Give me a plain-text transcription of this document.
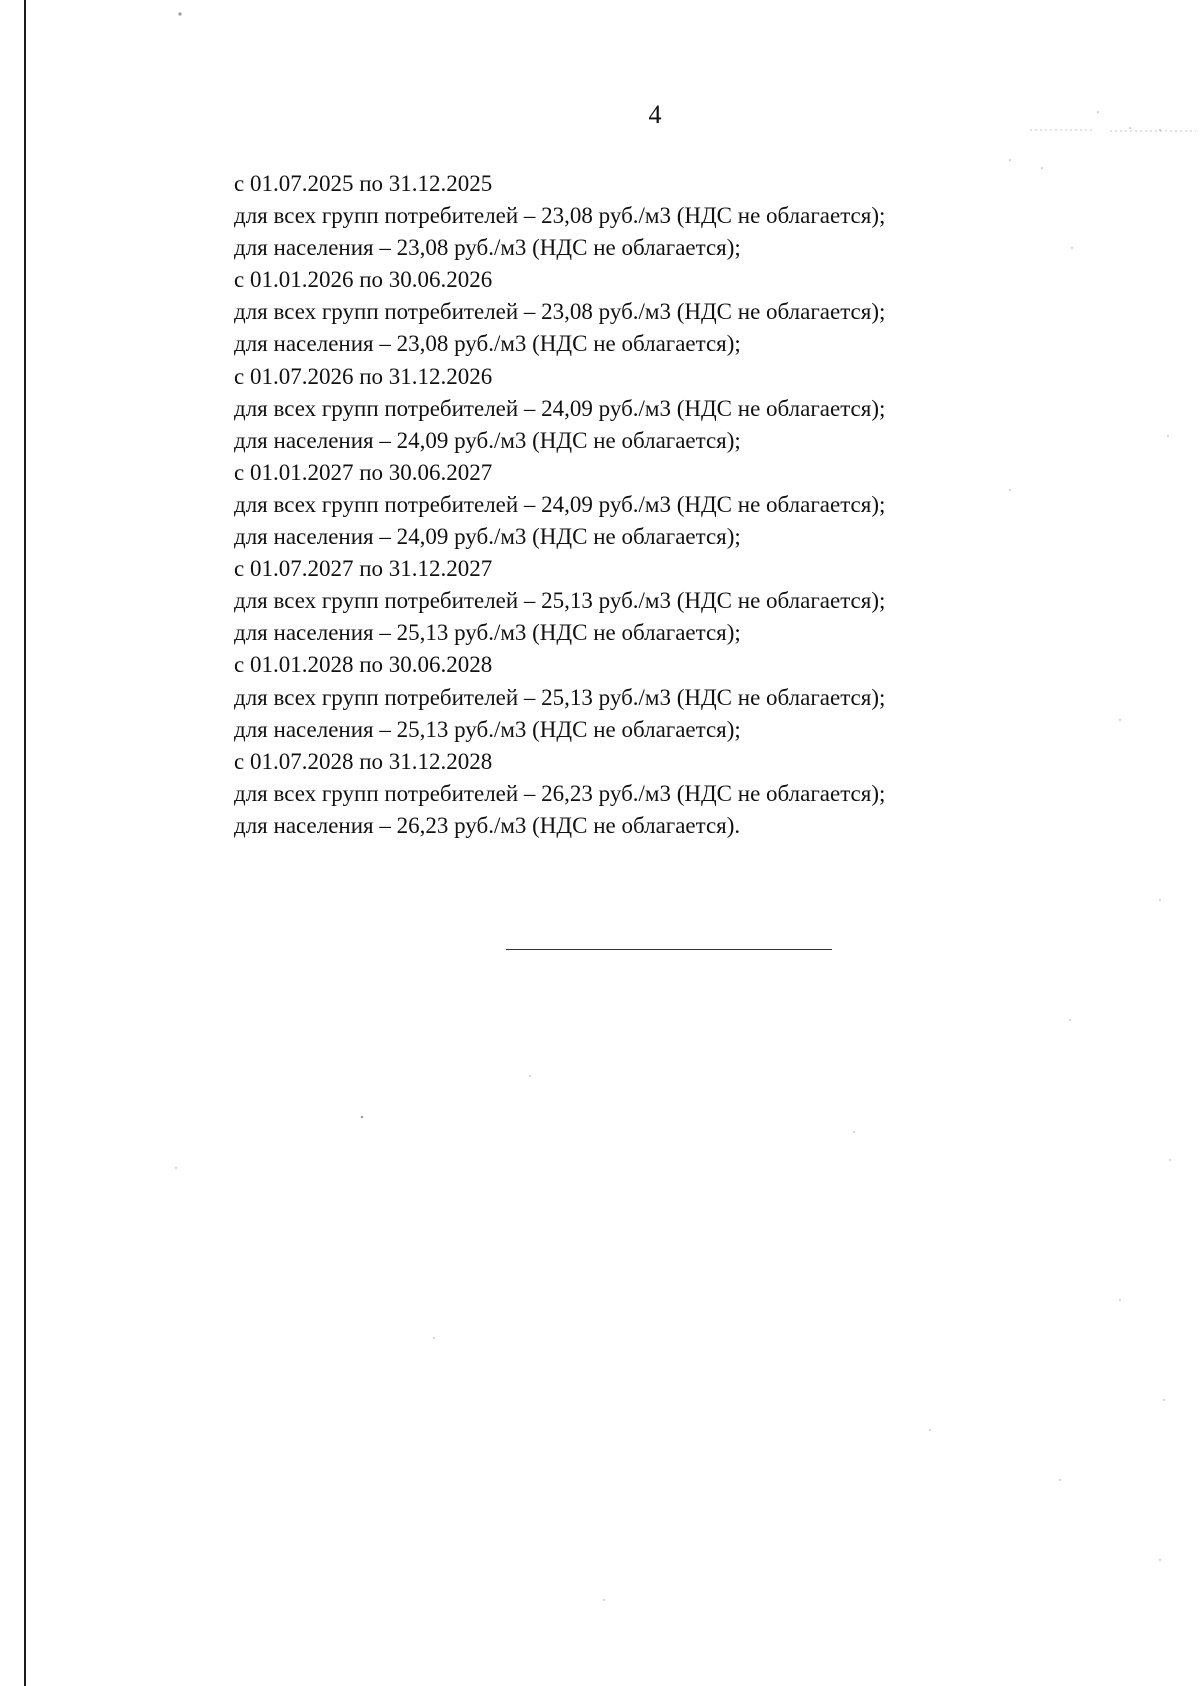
4
с 01.07.2025 по 31.12.2025
для всех групп потребителей – 23,08 руб./м3 (НДС не облагается);
для населения – 23,08 руб./м3 (НДС не облагается);
с 01.01.2026 по 30.06.2026
для всех групп потребителей – 23,08 руб./м3 (НДС не облагается);
для населения – 23,08 руб./м3 (НДС не облагается);
с 01.07.2026 по 31.12.2026
для всех групп потребителей – 24,09 руб./м3 (НДС не облагается);
для населения – 24,09 руб./м3 (НДС не облагается);
с 01.01.2027 по 30.06.2027
для всех групп потребителей – 24,09 руб./м3 (НДС не облагается);
для населения – 24,09 руб./м3 (НДС не облагается);
с 01.07.2027 по 31.12.2027
для всех групп потребителей – 25,13 руб./м3 (НДС не облагается);
для населения – 25,13 руб./м3 (НДС не облагается);
с 01.01.2028 по 30.06.2028
для всех групп потребителей – 25,13 руб./м3 (НДС не облагается);
для населения – 25,13 руб./м3 (НДС не облагается);
с 01.07.2028 по 31.12.2028
для всех групп потребителей – 26,23 руб./м3 (НДС не облагается);
для населения – 26,23 руб./м3 (НДС не облагается).
